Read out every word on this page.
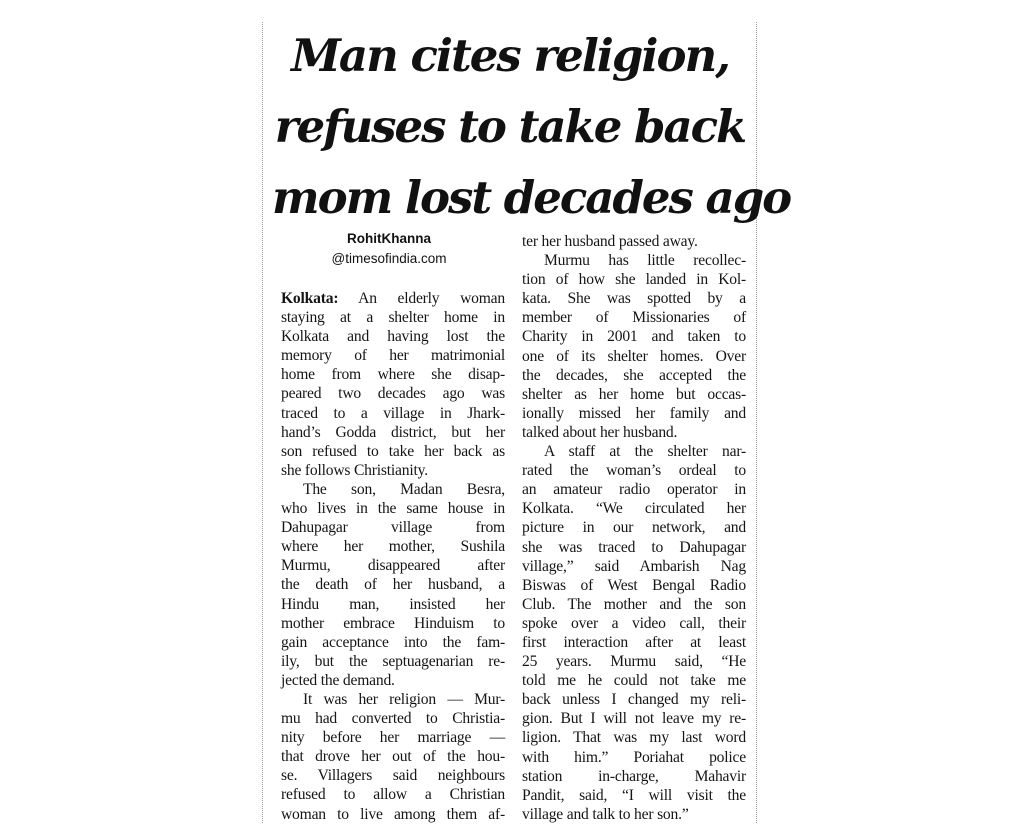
Man cites religion,
refuses to take back
mom lost decades ago
RohitKhanna
@timesofindia.com
Kolkata: An elderly woman
staying at a shelter home in
Kolkata and having lost the
memory of her matrimonial
home from where she disap-
peared two decades ago was
traced to a village in Jhark-
hand’s Godda district, but her
son refused to take her back as
she follows Christianity.
The son, Madan Besra,
who lives in the same house in
Dahupagar village from
where her mother, Sushila
Murmu, disappeared after
the death of her husband, a
Hindu man, insisted her
mother embrace Hinduism to
gain acceptance into the fam-
ily, but the septuagenarian re-
jected the demand.
It was her religion — Mur-
mu had converted to Christia-
nity before her marriage —
that drove her out of the hou-
se. Villagers said neighbours
refused to allow a Christian
woman to live among them af-
ter her husband passed away.
Murmu has little recollec-
tion of how she landed in Kol-
kata. She was spotted by a
member of Missionaries of
Charity in 2001 and taken to
one of its shelter homes. Over
the decades, she accepted the
shelter as her home but occas-
ionally missed her family and
talked about her husband.
A staff at the shelter nar-
rated the woman’s ordeal to
an amateur radio operator in
Kolkata. “We circulated her
picture in our network, and
she was traced to Dahupagar
village,” said Ambarish Nag
Biswas of West Bengal Radio
Club. The mother and the son
spoke over a video call, their
first interaction after at least
25 years. Murmu said, “He
told me he could not take me
back unless I changed my reli-
gion. But I will not leave my re-
ligion. That was my last word
with him.” Poriahat police
station in-charge, Mahavir
Pandit, said, “I will visit the
village and talk to her son.”
